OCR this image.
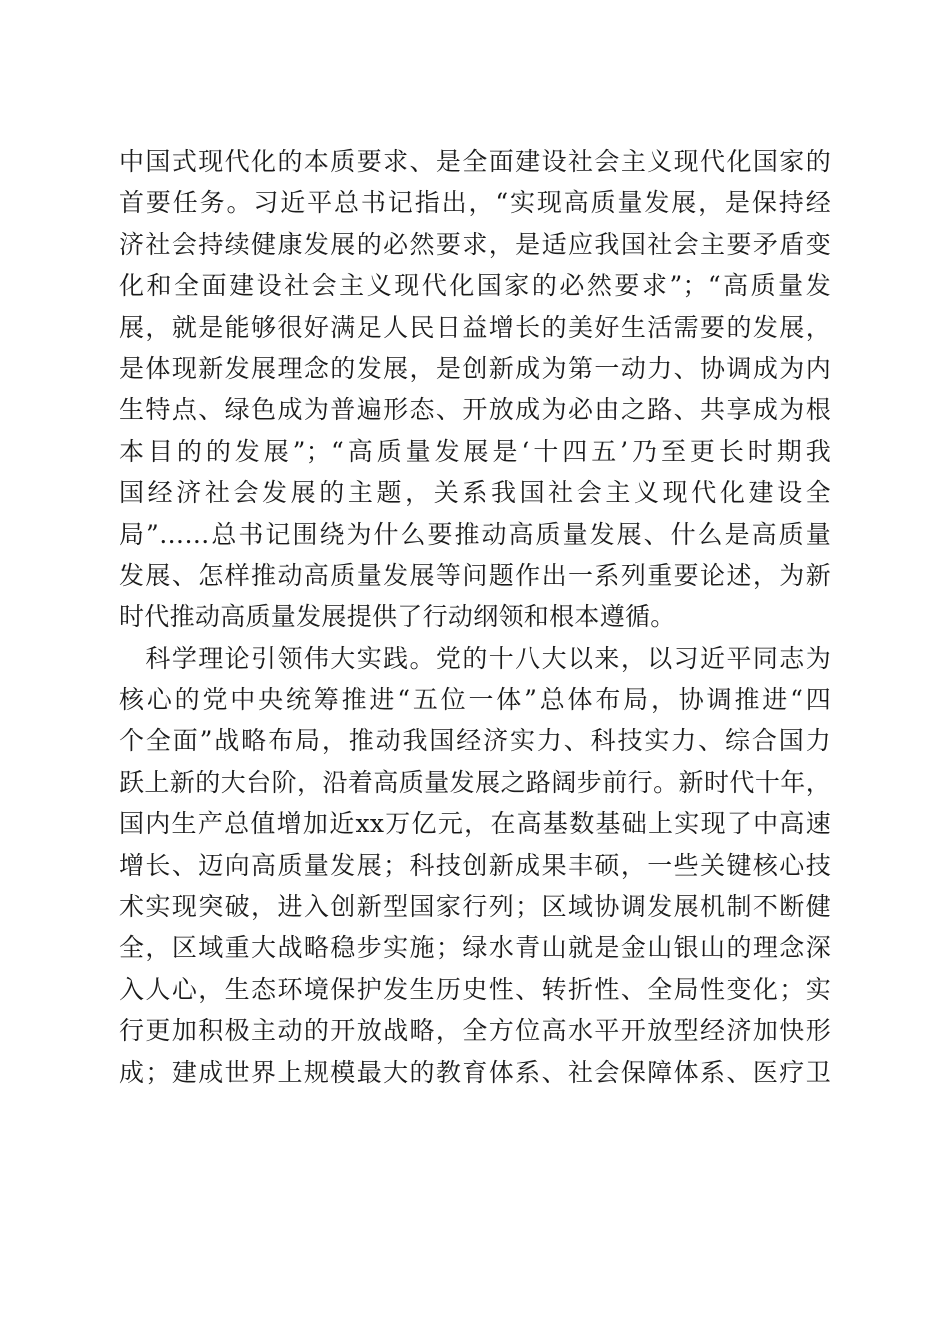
中国式现代化的本质要求、是全面建设社会主义现代化国家的
首要任务。习近平总书记指出，“实现高质量发展，是保持经
济社会持续健康发展的必然要求，是适应我国社会主要矛盾变
化和全面建设社会主义现代化国家的必然要求”；“高质量发
展，就是能够很好满足人民日益增长的美好生活需要的发展，
是体现新发展理念的发展，是创新成为第一动力、协调成为内
生特点、绿色成为普遍形态、开放成为必由之路、共享成为根
本目的的发展”；“高质量发展是‘十四五’乃至更长时期我
国经济社会发展的主题，关系我国社会主义现代化建设全
局”……总书记围绕为什么要推动高质量发展、什么是高质量
发展、怎样推动高质量发展等问题作出一系列重要论述，为新
时代推动高质量发展提供了行动纲领和根本遵循。
　科学理论引领伟大实践。党的十八大以来，以习近平同志为
核心的党中央统筹推进“五位一体”总体布局，协调推进“四
个全面”战略布局，推动我国经济实力、科技实力、综合国力
跃上新的大台阶，沿着高质量发展之路阔步前行。新时代十年，
国内生产总值增加近xx万亿元，在高基数基础上实现了中高速
增长、迈向高质量发展；科技创新成果丰硕，一些关键核心技
术实现突破，进入创新型国家行列；区域协调发展机制不断健
全，区域重大战略稳步实施；绿水青山就是金山银山的理念深
入人心，生态环境保护发生历史性、转折性、全局性变化；实
行更加积极主动的开放战略，全方位高水平开放型经济加快形
成；建成世界上规模最大的教育体系、社会保障体系、医疗卫
